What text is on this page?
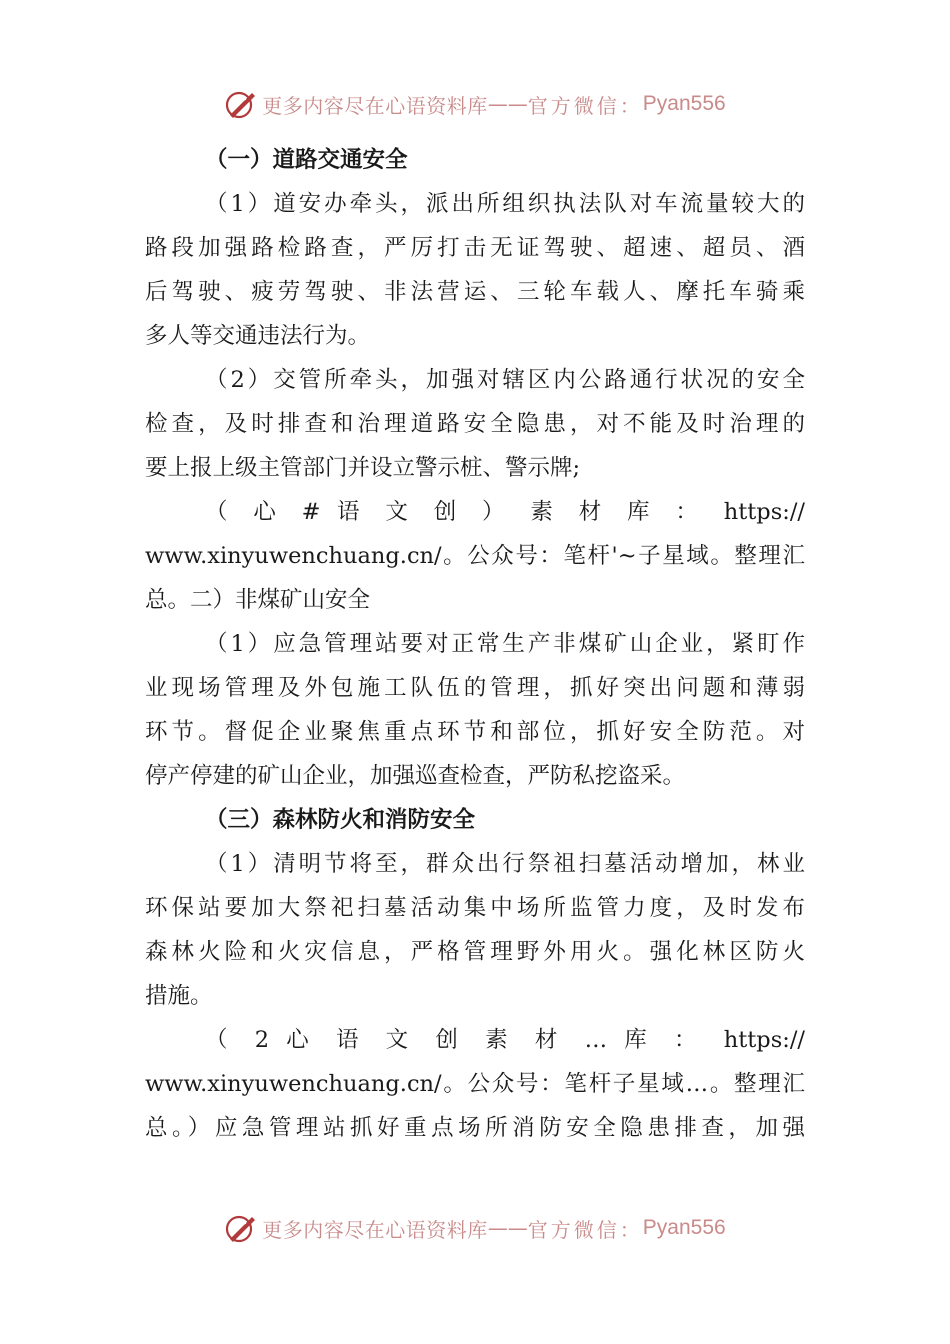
更多内容尽在心语资料库 —— 官方微信： Pyan556
（一）道路交通安全
（1）道安办牵头，派出所组织执法队对车流量较大的
路段加强路检路查，严厉打击无证驾驶、超速、超员、酒
后驾驶、疲劳驾驶、非法营运、三轮车载人、摩托车骑乘
多人等交通违法行为。
（2）交管所牵头，加强对辖区内公路通行状况的安全
检查，及时排查和治理道路安全隐患，对不能及时治理的
要上报上级主管部门并设立警示桩、警示牌;
（ 心 # 语 文 创 ） 素 材 库 ： https://
www.xinyuwenchuang.cn/。公众号：笔杆'~子星域。整理汇
总。二）非煤矿山安全
（1）应急管理站要对正常生产非煤矿山企业，紧盯作
业现场管理及外包施工队伍的管理，抓好突出问题和薄弱
环节。督促企业聚焦重点环节和部位，抓好安全防范。对
停产停建的矿山企业，加强巡查检查，严防私挖盗采。
（三）森林防火和消防安全
（1）清明节将至，群众出行祭祖扫墓活动增加，林业
环保站要加大祭祀扫墓活动集中场所监管力度，及时发布
森林火险和火灾信息，严格管理野外用火。强化林区防火
措施。
（ 2 心 语 文 创 素 材 … 库 ： https://
www.xinyuwenchuang.cn/。公众号：笔杆子星域…。整理汇
总。）应急管理站抓好重点场所消防安全隐患排查，加强
更多内容尽在心语资料库 —— 官方微信： Pyan556
